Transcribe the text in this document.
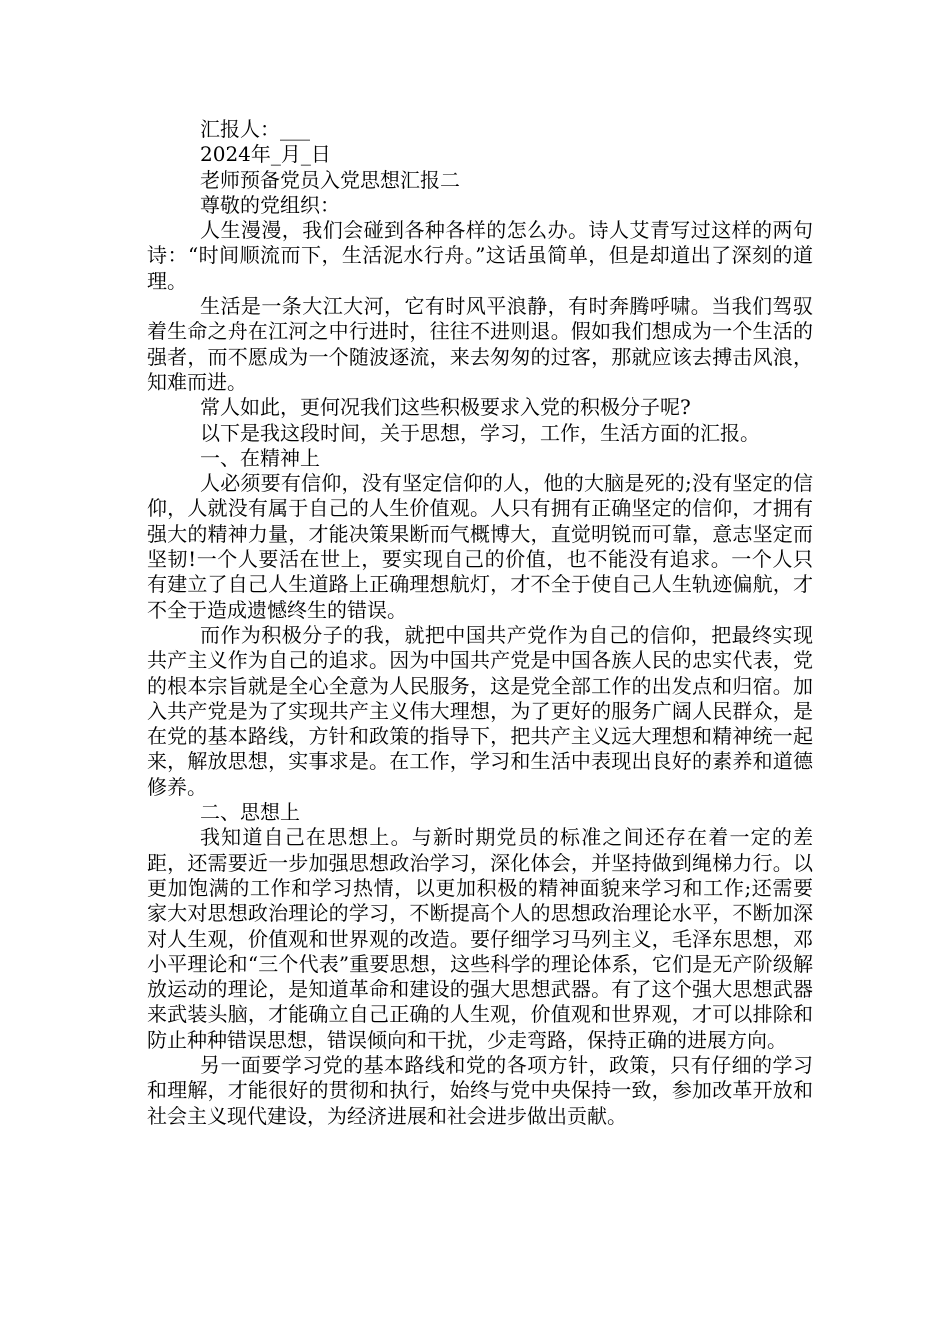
汇报人：___

2024年_月_日

老师预备党员入党思想汇报二

尊敬的党组织：

人生漫漫，我们会碰到各种各样的怎么办。诗人艾青写过这样的两句诗：“时间顺流而下，生活泥水行舟。”这话虽简单，但是却道出了深刻的道理。

生活是一条大江大河，它有时风平浪静，有时奔腾呼啸。当我们驾驭着生命之舟在江河之中行进时，往往不进则退。假如我们想成为一个生活的强者，而不愿成为一个随波逐流，来去匆匆的过客，那就应该去搏击风浪，知难而进。

常人如此，更何况我们这些积极要求入党的积极分子呢?

以下是我这段时间，关于思想，学习，工作，生活方面的汇报。

一、在精神上

人必须要有信仰，没有坚定信仰的人，他的大脑是死的;没有坚定的信仰，人就没有属于自己的人生价值观。人只有拥有正确坚定的信仰，才拥有强大的精神力量，才能决策果断而气概博大，直觉明锐而可靠，意志坚定而坚韧!一个人要活在世上，要实现自己的价值，也不能没有追求。一个人只有建立了自己人生道路上正确理想航灯，才不全于使自己人生轨迹偏航，才不全于造成遗憾终生的错误。

而作为积极分子的我，就把中国共产党作为自己的信仰，把最终实现共产主义作为自己的追求。因为中国共产党是中国各族人民的忠实代表，党的根本宗旨就是全心全意为人民服务，这是党全部工作的出发点和归宿。加入共产党是为了实现共产主义伟大理想，为了更好的服务广阔人民群众，是在党的基本路线，方针和政策的指导下，把共产主义远大理想和精神统一起来，解放思想，实事求是。在工作，学习和生活中表现出良好的素养和道德修养。

二、思想上

我知道自己在思想上。与新时期党员的标准之间还存在着一定的差距，还需要近一步加强思想政治学习，深化体会，并坚持做到绳梯力行。以更加饱满的工作和学习热情，以更加积极的精神面貌来学习和工作;还需要家大对思想政治理论的学习，不断提高个人的思想政治理论水平，不断加深对人生观，价值观和世界观的改造。要仔细学习马列主义，毛泽东思想，邓小平理论和“三个代表”重要思想，这些科学的理论体系，它们是无产阶级解放运动的理论，是知道革命和建设的强大思想武器。有了这个强大思想武器来武装头脑，才能确立自己正确的人生观，价值观和世界观，才可以排除和防止种种错误思想，错误倾向和干扰，少走弯路，保持正确的进展方向。

另一面要学习党的基本路线和党的各项方针，政策，只有仔细的学习和理解，才能很好的贯彻和执行，始终与党中央保持一致，参加改革开放和社会主义现代建设，为经济进展和社会进步做出贡献。
